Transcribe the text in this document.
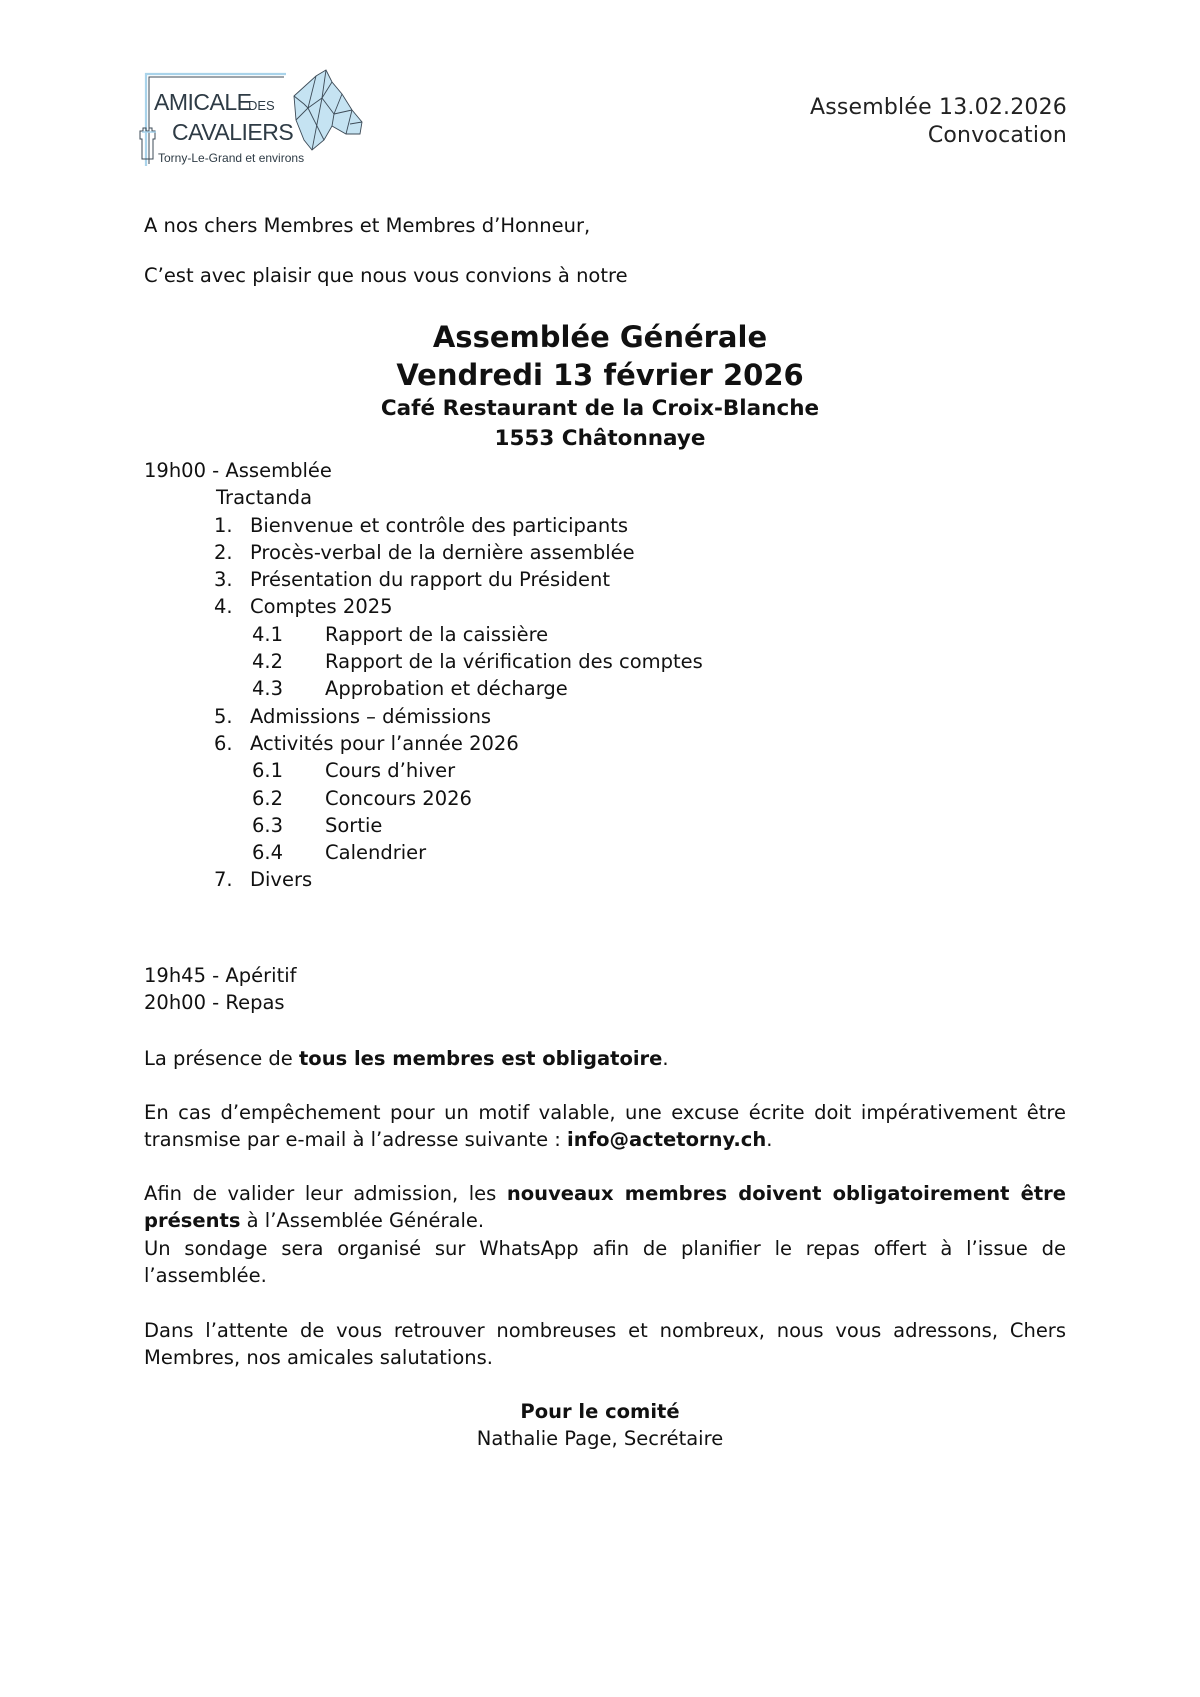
AMICALE
DES
CAVALIERS
Torny-Le-Grand et environs
Assemblée 13.02.2026
Convocation
A nos chers Membres et Membres d’Honneur,
C’est avec plaisir que nous vous convions à notre
Assemblée Générale
Vendredi 13 février 2026
Café Restaurant de la Croix-Blanche
1553 Châtonnaye
19h00 - Assemblée
Tractanda
1. Bienvenue et contrôle des participants
2. Procès-verbal de la dernière assemblée
3. Présentation du rapport du Président
4. Comptes 2025
4.1	Rapport de la caissière
4.2	Rapport de la vérification des comptes
4.3	Approbation et décharge
5. Admissions – démissions
6. Activités pour l’année 2026
6.1	Cours d’hiver
6.2	Concours 2026
6.3	Sortie
6.4	Calendrier
7. Divers
19h45 - Apéritif
20h00 - Repas
La présence de tous les membres est obligatoire.
En cas d’empêchement pour un motif valable, une excuse écrite doit impérativement être transmise par e-mail à l’adresse suivante : info@actetorny.ch.
Afin de valider leur admission, les nouveaux membres doivent obligatoirement être présents à l’Assemblée Générale.
Un sondage sera organisé sur WhatsApp afin de planifier le repas offert à l’issue de l’assemblée.
Dans l’attente de vous retrouver nombreuses et nombreux, nous vous adressons, Chers Membres, nos amicales salutations.
Pour le comité
Nathalie Page, Secrétaire
